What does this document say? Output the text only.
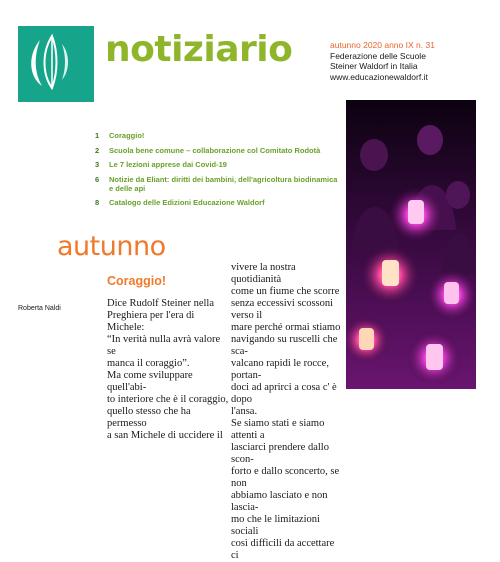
Educazione
Waldorf
notiziario	autunno 2020 anno IX n. 31
Federazione delle Scuole
Steiner Waldorf in Italia
www.educazionewaldorf.it
1 Coraggio!
2 Scuola bene comune – collaborazione col Comitato Rodotà
3 Le 7 lezioni apprese dai Covid-19
6 Notizie da Eliant: diritti dei bambini, dell'agricoltura biodinamica e delle api
8 Catalogo delle Edizioni Educazione Waldorf
autunno
Coraggio!
Roberta Naldi	Dice Rudolf Steiner nella

Preghiera per l'era di Michele:

“In verità nulla avrà valore se

manca il coraggio”.

Ma come sviluppare quell'abi-

to interiore che è il coraggio,

quello stesso che ha permesso

a san Michele di uccidere il

vivere la nostra quotidianità

come un fiume che scorre

senza eccessivi scossoni verso il

mare perché ormai stiamo

navigando su ruscelli che sca-

valcano rapidi le rocce, portan-

doci ad aprirci a cosa c' è dopo

l'ansa.

Se siamo stati e siamo attenti a

lasciarci prendere dallo scon-

forto e dallo sconcerto, se non

abbiamo lasciato e non lascia-

mo che le limitazioni sociali

così difficili da accettare ci
